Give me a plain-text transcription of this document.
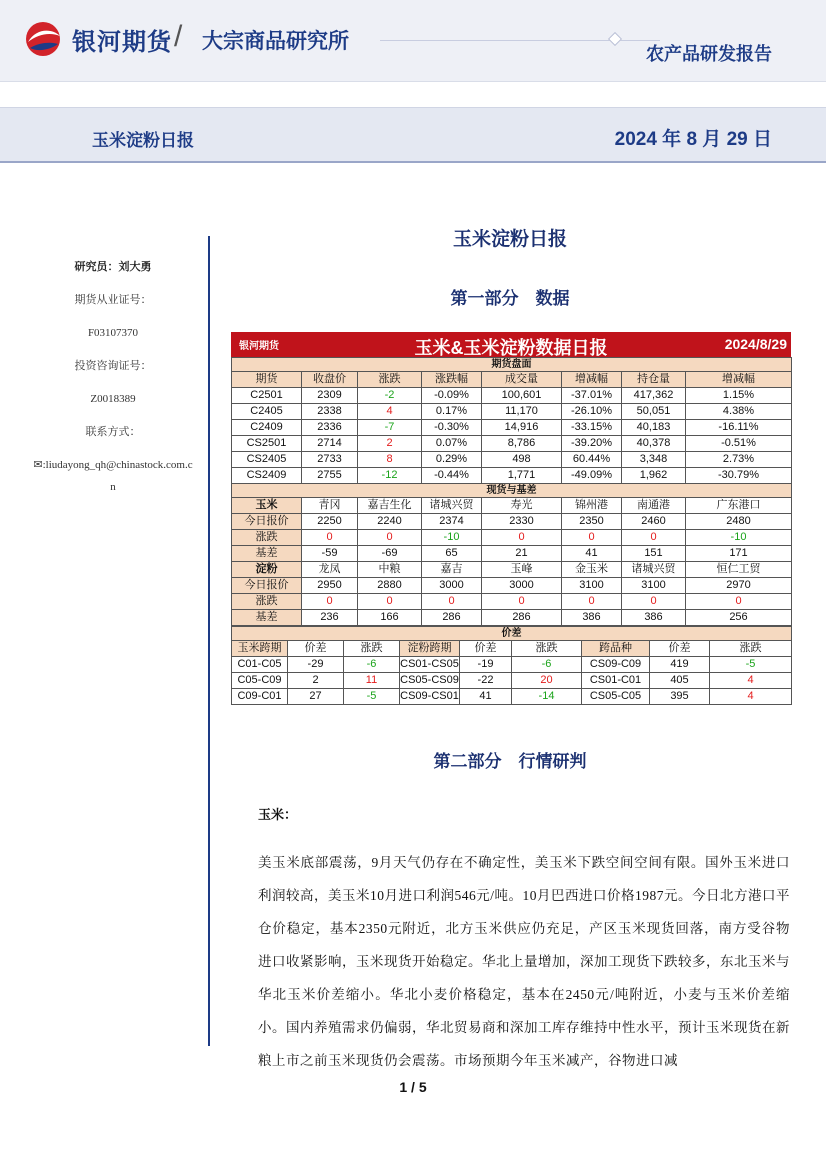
银河期货 / 大宗商品研究所
农产品研发报告
玉米淀粉日报	2024 年 8 月 29 日
研究员：刘大勇
期货从业证号：
F03107370
投资咨询证号：
Z0018389
联系方式：
✉:liudayong_qh@chinastock.com.cn
玉米淀粉日报
第一部分　数据
银河期货	玉米&玉米淀粉数据日报	2024/8/29
期货盘面							
期货	收盘价	涨跌	涨跌幅	成交量	增减幅	持仓量	增减幅
C2501	2309	-2	-0.09%	100,601	-37.01%	417,362	1.15%
C2405	2338	4	0.17%	11,170	-26.10%	50,051	4.38%
C2409	2336	-7	-0.30%	14,916	-33.15%	40,183	-16.11%
CS2501	2714	2	0.07%	8,786	-39.20%	40,378	-0.51%
CS2405	2733	8	0.29%	498	60.44%	3,348	2.73%
CS2409	2755	-12	-0.44%	1,771	-49.09%	1,962	-30.79%
现货与基差							
玉米	青冈	嘉吉生化	诸城兴贸	寿光	锦州港	南通港	广东港口
今日报价	2250	2240	2374	2330	2350	2460	2480
涨跌	0	0	-10	0	0	0	-10
基差	-59	-69	65	21	41	151	171
淀粉	龙凤	中粮	嘉吉	玉峰	金玉米	诸城兴贸	恒仁工贸
今日报价	2950	2880	3000	3000	3100	3100	2970
涨跌	0	0	0	0	0	0	0
基差	236	166	286	286	386	386	256
价差								
玉米跨期	价差	涨跌	淀粉跨期	价差	涨跌	跨品种	价差	涨跌
C01-C05	-29	-6	CS01-CS05	-19	-6	CS09-C09	419	-5
C05-C09	2	11	CS05-CS09	-22	20	CS01-C01	405	4
C09-C01	27	-5	CS09-CS01	41	-14	CS05-C05	395	4
第二部分　行情研判
玉米：
美玉米底部震荡，9月天气仍存在不确定性，美玉米下跌空间空间有限。国外玉米进口利润较高，美玉米10月进口利润546元/吨。10月巴西进口价格1987元。今日北方港口平仓价稳定，基本2350元附近，北方玉米供应仍充足，产区玉米现货回落，南方受谷物进口收紧影响，玉米现货开始稳定。华北上量增加，深加工现货下跌较多，东北玉米与华北玉米价差缩小。华北小麦价格稳定，基本在2450元/吨附近，小麦与玉米价差缩小。国内养殖需求仍偏弱，华北贸易商和深加工库存维持中性水平，预计玉米现货在新粮上市之前玉米现货仍会震荡。市场预期今年玉米减产，谷物进口减
1 / 5
